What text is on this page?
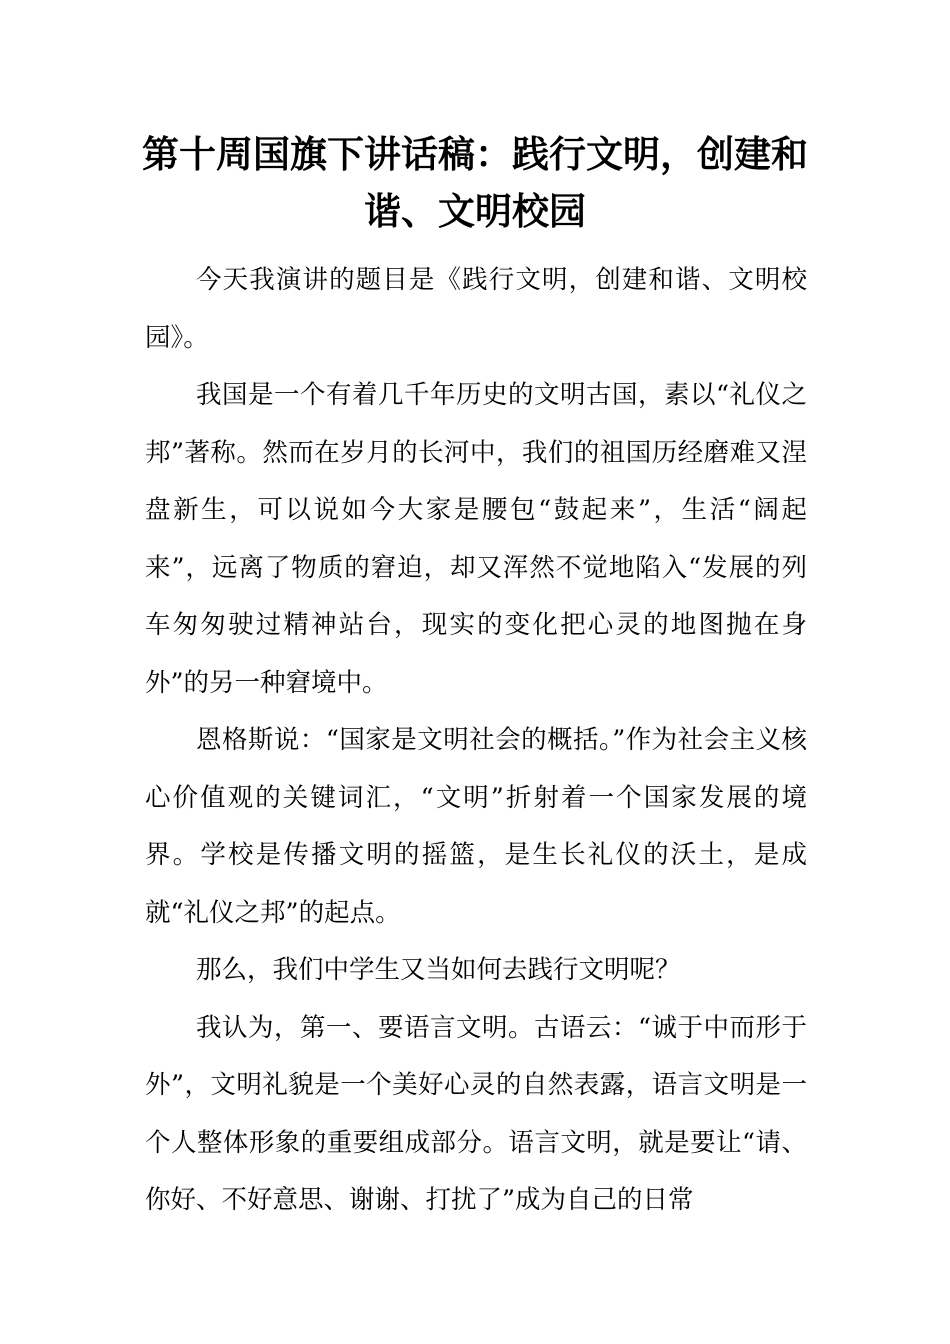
第十周国旗下讲话稿：践行文明，创建和谐、文明校园

今天我演讲的题目是《践行文明，创建和谐、文明校园》。

我国是一个有着几千年历史的文明古国，素以“礼仪之邦”著称。然而在岁月的长河中，我们的祖国历经磨难又涅盘新生，可以说如今大家是腰包“鼓起来”，生活“阔起来”，远离了物质的窘迫，却又浑然不觉地陷入“发展的列车匆匆驶过精神站台，现实的变化把心灵的地图抛在身外”的另一种窘境中。

恩格斯说：“国家是文明社会的概括。”作为社会主义核心价值观的关键词汇，“文明”折射着一个国家发展的境界。学校是传播文明的摇篮，是生长礼仪的沃土，是成就“礼仪之邦”的起点。

那么，我们中学生又当如何去践行文明呢？

我认为，第一、要语言文明。古语云：“诚于中而形于外”，文明礼貌是一个美好心灵的自然表露，语言文明是一个人整体形象的重要组成部分。语言文明，就是要让“请、你好、不好意思、谢谢、打扰了”成为自己的日常
